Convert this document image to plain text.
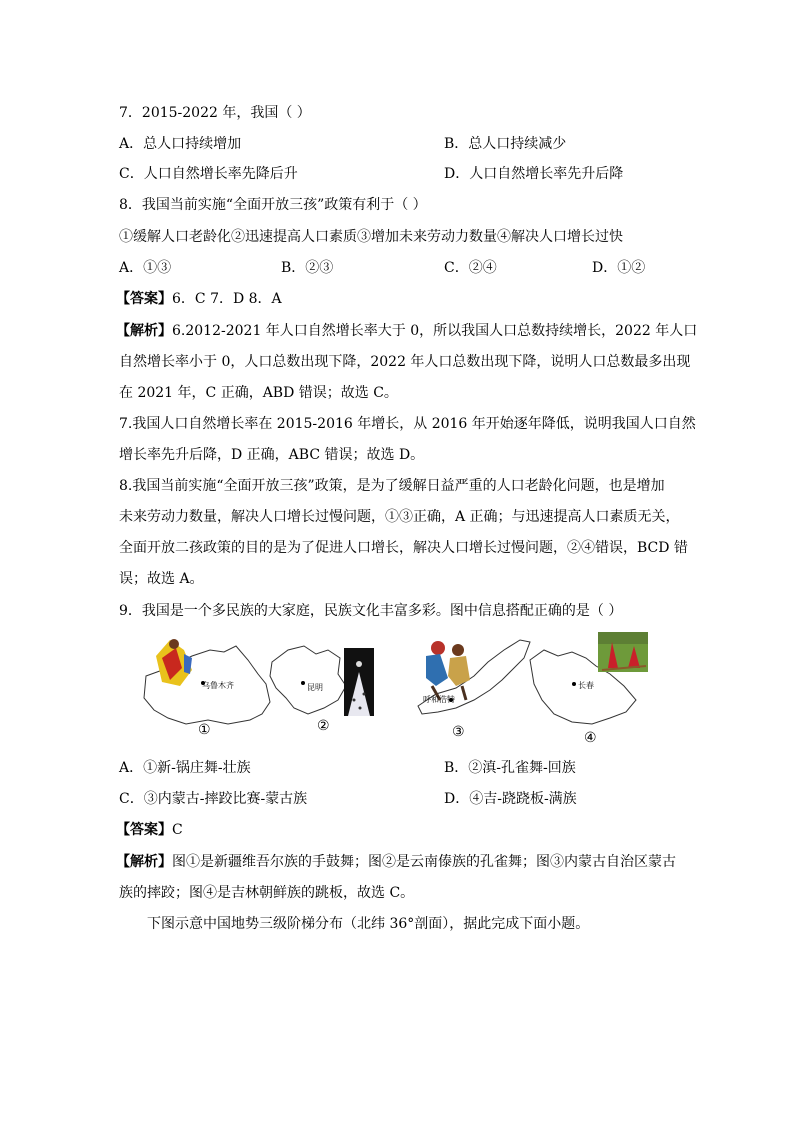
7．2015-2022 年，我国（ ）
A．总人口持续增加	B．总人口持续减少
C．人口自然增长率先降后升	D．人口自然增长率先升后降
8．我国当前实施“全面开放三孩”政策有利于（ ）
①缓解人口老龄化②迅速提高人口素质③增加未来劳动力数量④解决人口增长过快
A．①③	B．②③	C．②④	D．①②
【答案】6．C 7．D 8．A
【解析】6.2012-2021 年人口自然增长率大于 0，所以我国人口总数持续增长，2022 年人口
自然增长率小于 0，人口总数出现下降，2022 年人口总数出现下降，说明人口总数最多出现
在 2021 年，C 正确，ABD 错误；故选 C。
7.我国人口自然增长率在 2015-2016 年增长，从 2016 年开始逐年降低，说明我国人口自然
增长率先升后降，D 正确，ABC 错误；故选 D。
8.我国当前实施“全面开放三孩”政策，是为了缓解日益严重的人口老龄化问题，也是增加
未来劳动力数量，解决人口增长过慢问题，①③正确，A 正确；与迅速提高人口素质无关，
全面开放二孩政策的目的是为了促进人口增长，解决人口增长过慢问题，②④错误，BCD 错
误；故选 A。
9．我国是一个多民族的大家庭，民族文化丰富多彩。图中信息搭配正确的是（ ）
乌鲁木齐	昆明
呼和浩特
长春
①	②	③	④
A．①新-锅庄舞-壮族	B．②滇-孔雀舞-回族
C．③内蒙古-摔跤比赛-蒙古族	D．④吉-跷跷板-满族
【答案】C
【解析】图①是新疆维吾尔族的手鼓舞；图②是云南傣族的孔雀舞；图③内蒙古自治区蒙古
族的摔跤；图④是吉林朝鲜族的跳板，故选 C。
下图示意中国地势三级阶梯分布（北纬 36°剖面），据此完成下面小题。
